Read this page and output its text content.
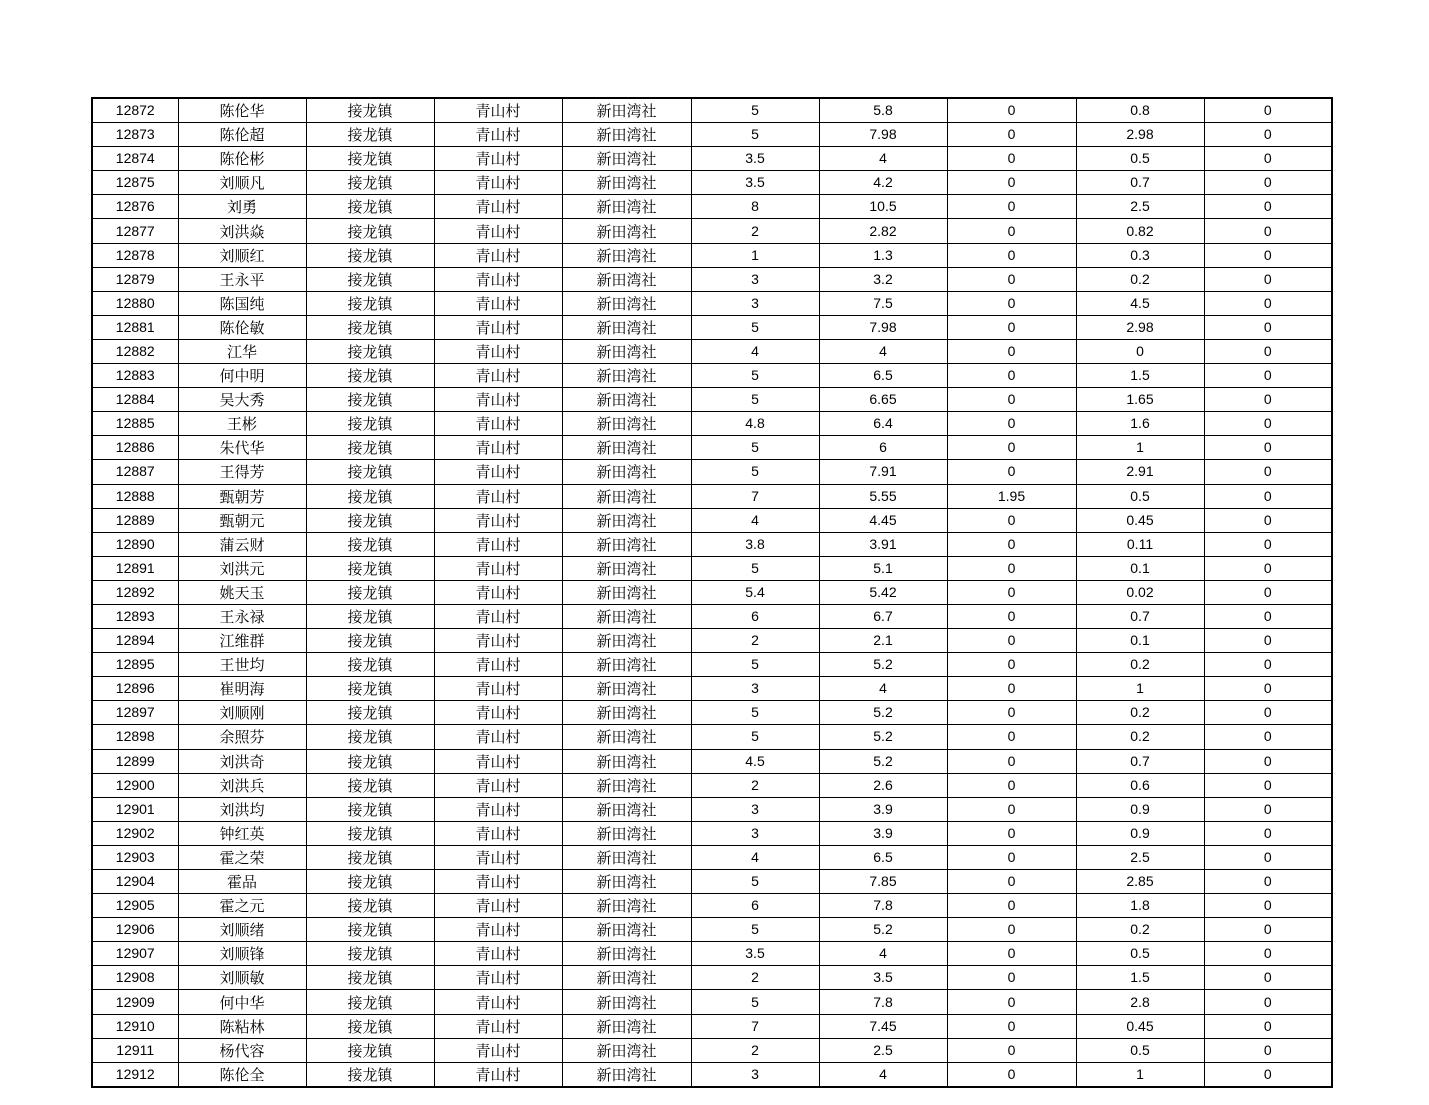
12872	陈伦华	接龙镇	青山村	新田湾社	5	5.8	0	0.8	0
12873	陈伦超	接龙镇	青山村	新田湾社	5	7.98	0	2.98	0
12874	陈伦彬	接龙镇	青山村	新田湾社	3.5	4	0	0.5	0
12875	刘顺凡	接龙镇	青山村	新田湾社	3.5	4.2	0	0.7	0
12876	刘勇	接龙镇	青山村	新田湾社	8	10.5	0	2.5	0
12877	刘洪焱	接龙镇	青山村	新田湾社	2	2.82	0	0.82	0
12878	刘顺红	接龙镇	青山村	新田湾社	1	1.3	0	0.3	0
12879	王永平	接龙镇	青山村	新田湾社	3	3.2	0	0.2	0
12880	陈国纯	接龙镇	青山村	新田湾社	3	7.5	0	4.5	0
12881	陈伦敏	接龙镇	青山村	新田湾社	5	7.98	0	2.98	0
12882	江华	接龙镇	青山村	新田湾社	4	4	0	0	0
12883	何中明	接龙镇	青山村	新田湾社	5	6.5	0	1.5	0
12884	吴大秀	接龙镇	青山村	新田湾社	5	6.65	0	1.65	0
12885	王彬	接龙镇	青山村	新田湾社	4.8	6.4	0	1.6	0
12886	朱代华	接龙镇	青山村	新田湾社	5	6	0	1	0
12887	王得芳	接龙镇	青山村	新田湾社	5	7.91	0	2.91	0
12888	甄朝芳	接龙镇	青山村	新田湾社	7	5.55	1.95	0.5	0
12889	甄朝元	接龙镇	青山村	新田湾社	4	4.45	0	0.45	0
12890	蒲云财	接龙镇	青山村	新田湾社	3.8	3.91	0	0.11	0
12891	刘洪元	接龙镇	青山村	新田湾社	5	5.1	0	0.1	0
12892	姚天玉	接龙镇	青山村	新田湾社	5.4	5.42	0	0.02	0
12893	王永禄	接龙镇	青山村	新田湾社	6	6.7	0	0.7	0
12894	江维群	接龙镇	青山村	新田湾社	2	2.1	0	0.1	0
12895	王世均	接龙镇	青山村	新田湾社	5	5.2	0	0.2	0
12896	崔明海	接龙镇	青山村	新田湾社	3	4	0	1	0
12897	刘顺刚	接龙镇	青山村	新田湾社	5	5.2	0	0.2	0
12898	余照芬	接龙镇	青山村	新田湾社	5	5.2	0	0.2	0
12899	刘洪奇	接龙镇	青山村	新田湾社	4.5	5.2	0	0.7	0
12900	刘洪兵	接龙镇	青山村	新田湾社	2	2.6	0	0.6	0
12901	刘洪均	接龙镇	青山村	新田湾社	3	3.9	0	0.9	0
12902	钟红英	接龙镇	青山村	新田湾社	3	3.9	0	0.9	0
12903	霍之荣	接龙镇	青山村	新田湾社	4	6.5	0	2.5	0
12904	霍品	接龙镇	青山村	新田湾社	5	7.85	0	2.85	0
12905	霍之元	接龙镇	青山村	新田湾社	6	7.8	0	1.8	0
12906	刘顺绪	接龙镇	青山村	新田湾社	5	5.2	0	0.2	0
12907	刘顺锋	接龙镇	青山村	新田湾社	3.5	4	0	0.5	0
12908	刘顺敏	接龙镇	青山村	新田湾社	2	3.5	0	1.5	0
12909	何中华	接龙镇	青山村	新田湾社	5	7.8	0	2.8	0
12910	陈粘林	接龙镇	青山村	新田湾社	7	7.45	0	0.45	0
12911	杨代容	接龙镇	青山村	新田湾社	2	2.5	0	0.5	0
12912	陈伦全	接龙镇	青山村	新田湾社	3	4	0	1	0
